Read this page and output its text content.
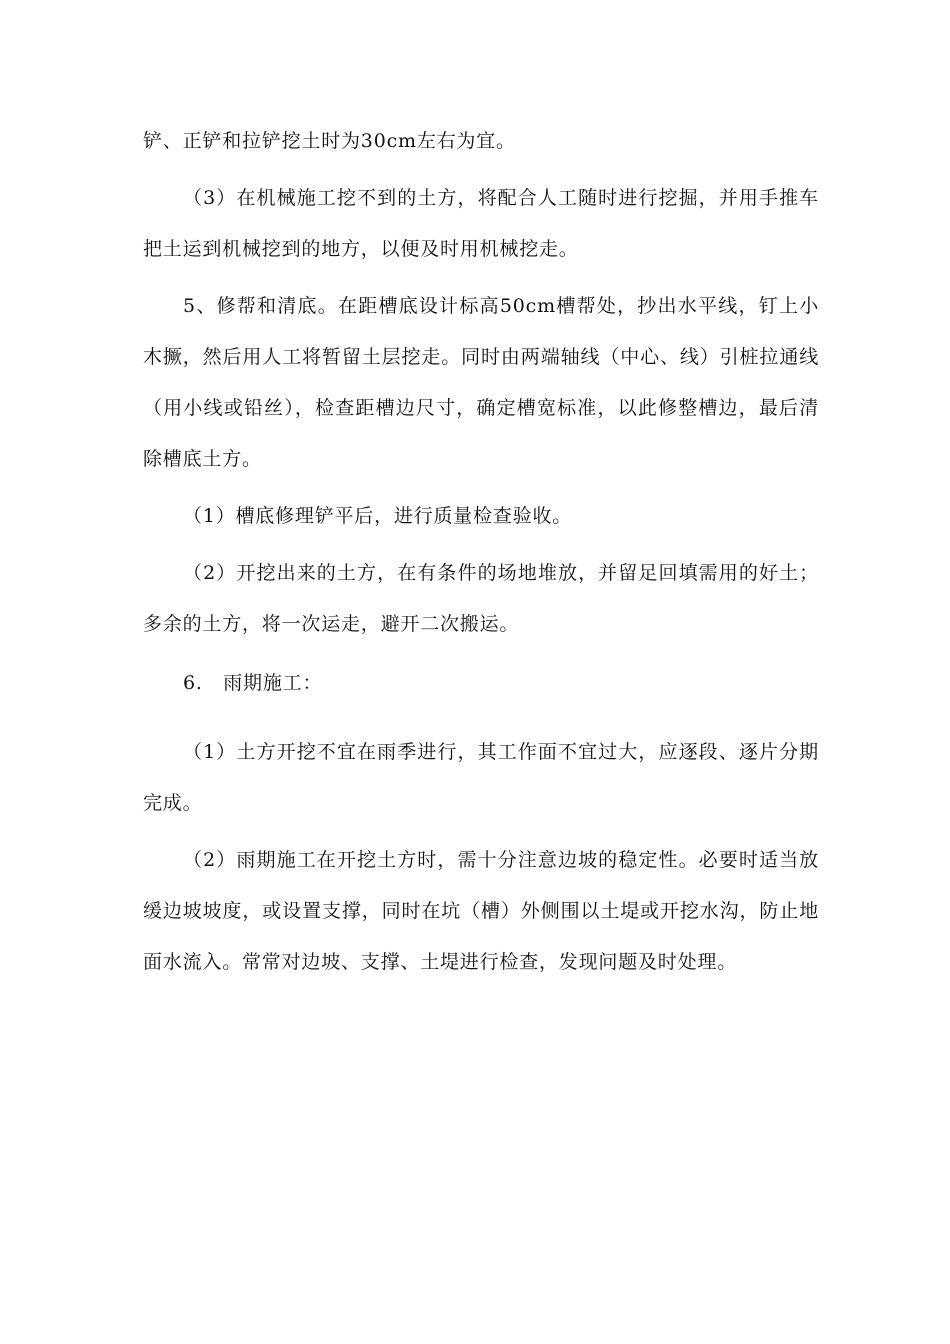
铲、正铲和拉铲挖土时为30cm左右为宜。

（3）在机械施工挖不到的土方，将配合人工随时进行挖掘，并用手推车把土运到机械挖到的地方，以便及时用机械挖走。

5、修帮和清底。在距槽底设计标高50cm槽帮处，抄出水平线，钉上小木撅，然后用人工将暂留土层挖走。同时由两端轴线（中心、线）引桩拉通线（用小线或铅丝），检查距槽边尺寸，确定槽宽标准，以此修整槽边，最后清除槽底土方。

（1）槽底修理铲平后，进行质量检查验收。

（2）开挖出来的土方，在有条件的场地堆放，并留足回填需用的好土；多余的土方，将一次运走，避开二次搬运。

6.   雨期施工：

（1）土方开挖不宜在雨季进行，其工作面不宜过大，应逐段、逐片分期完成。

（2）雨期施工在开挖土方时，需十分注意边坡的稳定性。必要时适当放缓边坡坡度，或设置支撑，同时在坑（槽）外侧围以土堤或开挖水沟，防止地面水流入。常常对边坡、支撑、土堤进行检查，发现问题及时处理。
